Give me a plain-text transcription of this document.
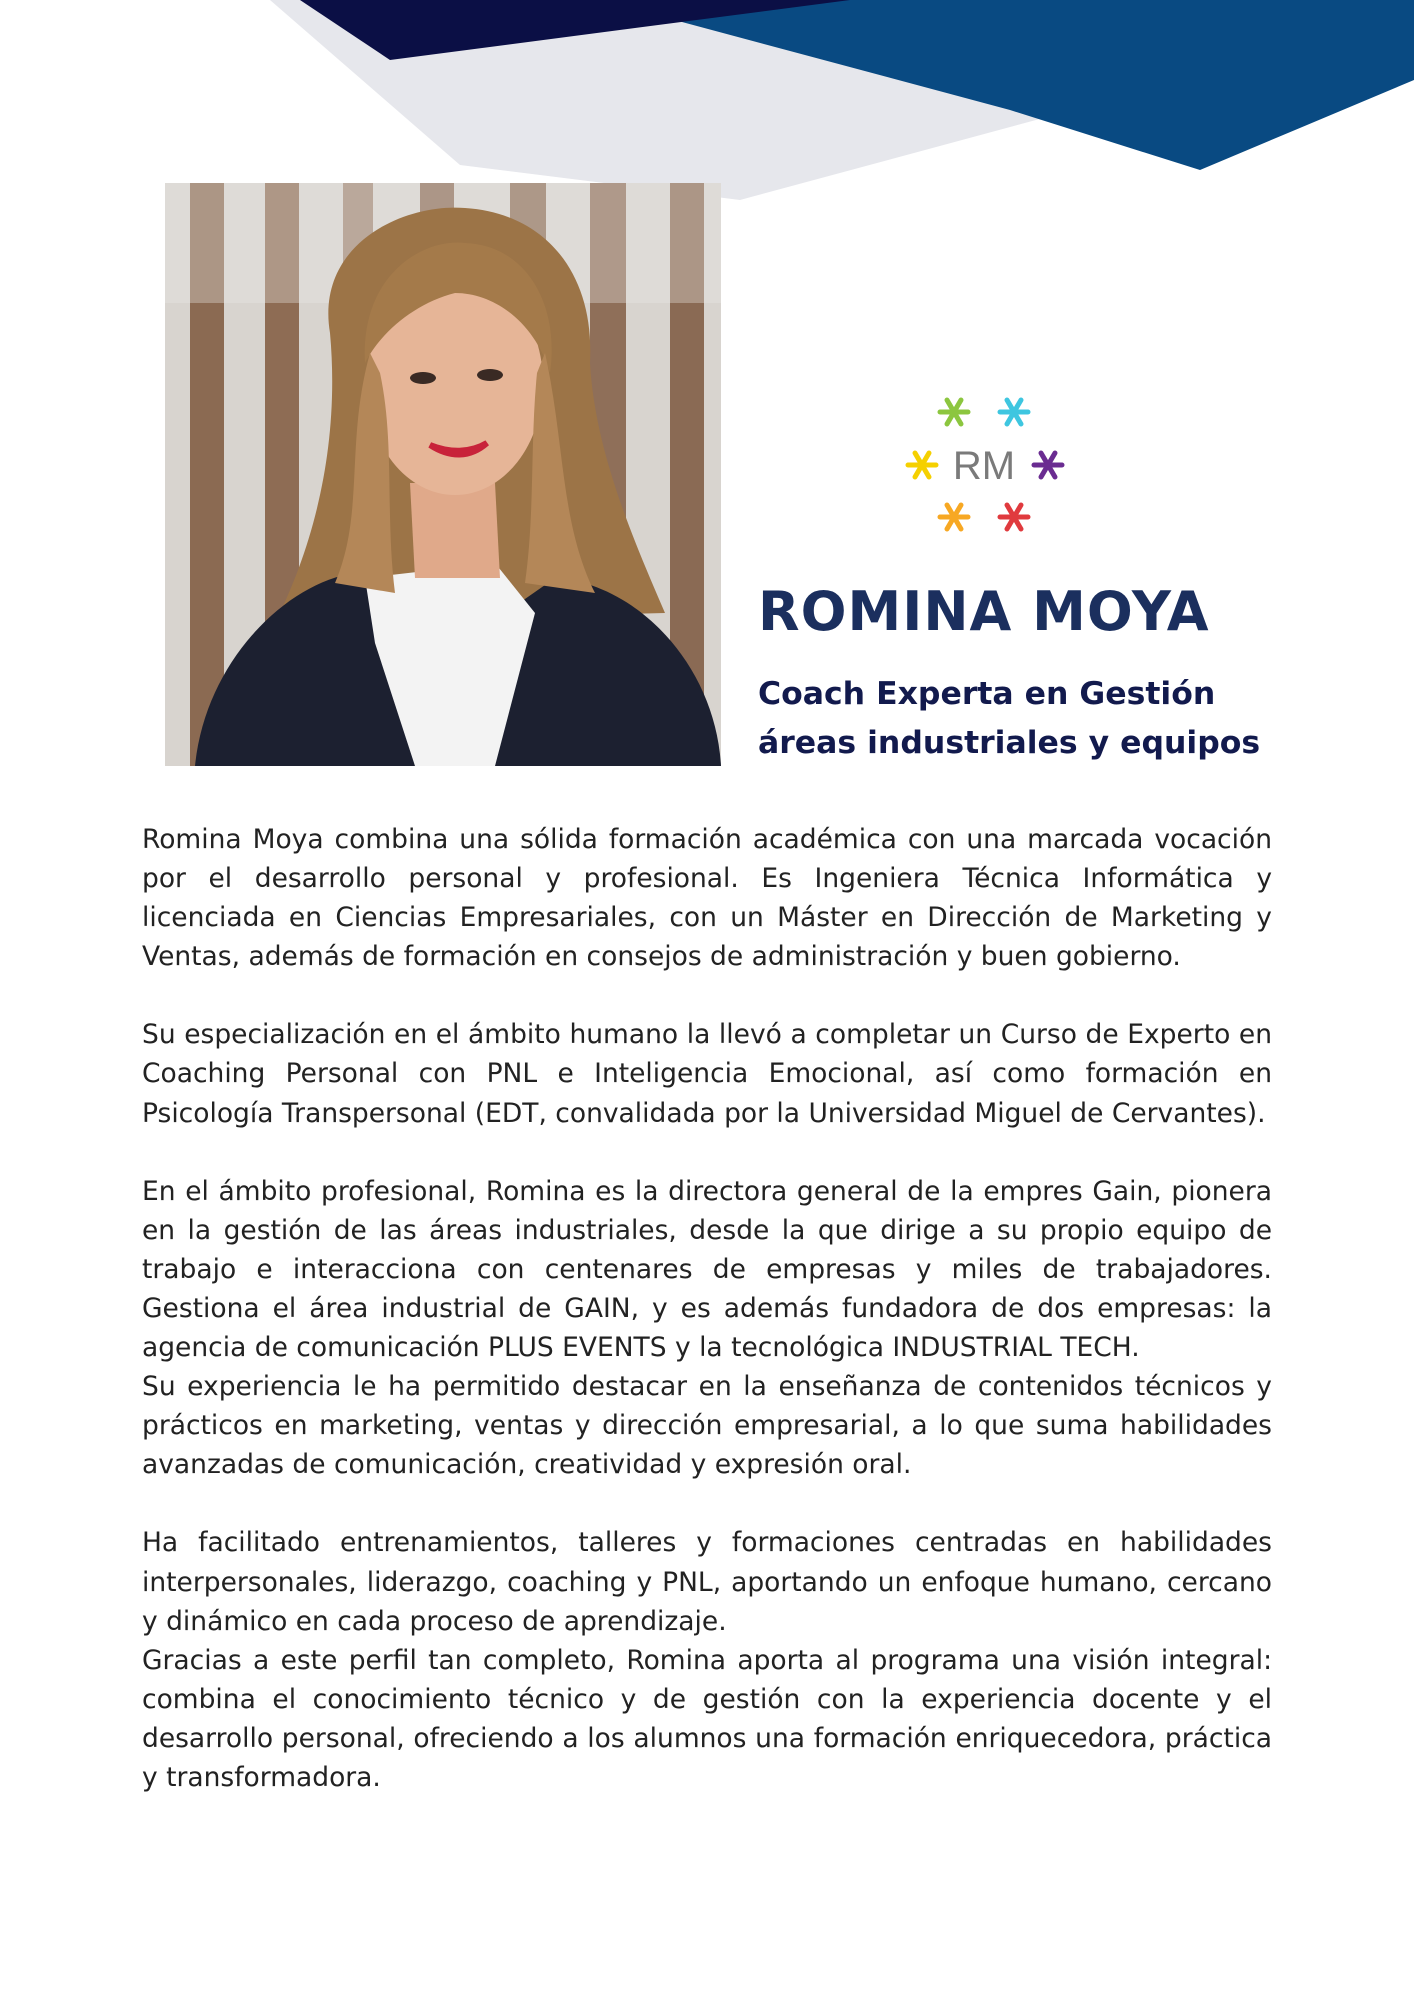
RM
ROMINA MOYA
Coach Experta en Gestión
áreas industriales y equipos

Romina Moya combina una sólida formación académica con una marcada vocación por el desarrollo personal y profesional. Es Ingeniera Técnica Informática y licenciada en Ciencias Empresariales, con un Máster en Dirección de Marketing y Ventas, además de formación en consejos de administración y buen gobierno.

Su especialización en el ámbito humano la llevó a completar un Curso de Experto en Coaching Personal con PNL e Inteligencia Emocional, así como formación en Psicología Transpersonal (EDT, convalidada por la Universidad Miguel de Cervantes).

En el ámbito profesional, Romina es la directora general de la empres Gain, pionera en la gestión de las áreas industriales, desde la que dirige a su propio equipo de trabajo e interacciona con centenares de empresas y miles de trabajadores. Gestiona el área industrial de GAIN, y es además fundadora de dos empresas: la agencia de comunicación PLUS EVENTS y la tecnológica INDUSTRIAL TECH.

Su experiencia le ha permitido destacar en la enseñanza de contenidos técnicos y prácticos en marketing, ventas y dirección empresarial, a lo que suma habilidades avanzadas de comunicación, creatividad y expresión oral.

Ha facilitado entrenamientos, talleres y formaciones centradas en habilidades interpersonales, liderazgo, coaching y PNL, aportando un enfoque humano, cercano y dinámico en cada proceso de aprendizaje.

Gracias a este perfil tan completo, Romina aporta al programa una visión integral: combina el conocimiento técnico y de gestión con la experiencia docente y el desarrollo personal, ofreciendo a los alumnos una formación enriquecedora, práctica y transformadora.
